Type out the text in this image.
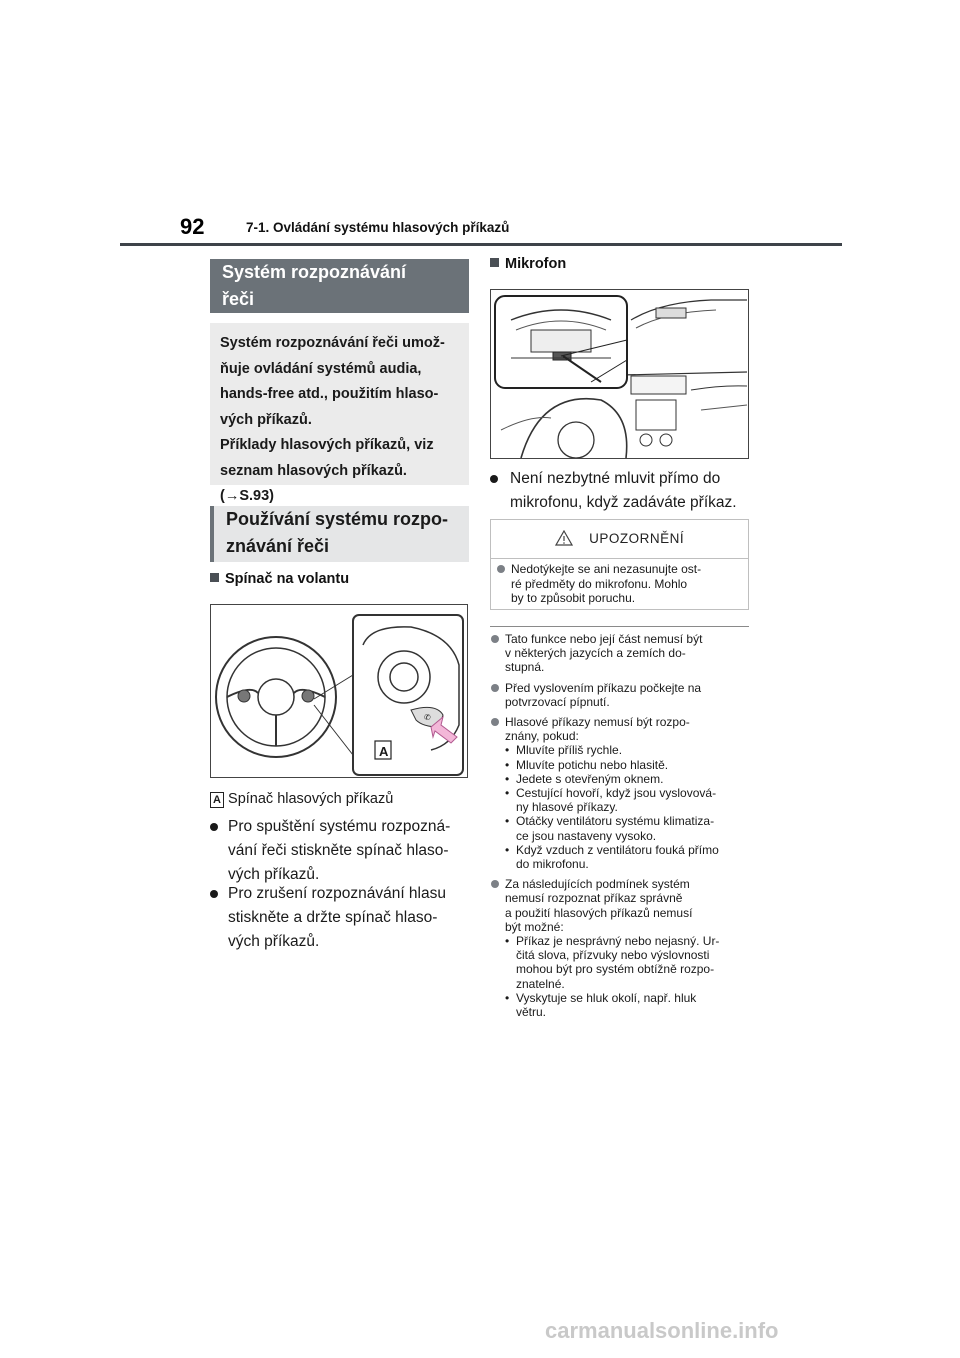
92	7-1. Ovládání systému hlasových příkazů
Systém rozpoznávání
řeči
Systém rozpoznávání řeči umož-
ňuje ovládání systémů audia,
hands-free atd., použitím hlaso-
vých příkazů.
Příklady hlasových příkazů, viz
seznam hlasových příkazů.
(→S.93)
Používání systému rozpo-
znávání řeči
Spínač na volantu
✆
A
A Spínač hlasových příkazů
Pro spuštění systému rozpozná-
vání řeči stiskněte spínač hlaso-
vých příkazů.
Pro zrušení rozpoznávání hlasu
stiskněte a držte spínač hlaso-
vých příkazů.
Mikrofon
Není nezbytné mluvit přímo do
mikrofonu, když zadáváte příkaz.
UPOZORNĚNÍ
Nedotýkejte se ani nezasunujte ost-
ré předměty do mikrofonu. Mohlo
by to způsobit poruchu.
Tato funkce nebo její část nemusí být
v některých jazycích a zemích do-
stupná.
Před vyslovením příkazu počkejte na
potvrzovací pípnutí.
Hlasové příkazy nemusí být rozpo-
znány, pokud:
• Mluvíte příliš rychle.
• Mluvíte potichu nebo hlasitě.
• Jedete s otevřeným oknem.
• Cestující hovoří, když jsou vyslovová-
ny hlasové příkazy.
• Otáčky ventilátoru systému klimatiza-
ce jsou nastaveny vysoko.
• Když vzduch z ventilátoru fouká přímo
do mikrofonu.
Za následujících podmínek systém
nemusí rozpoznat příkaz správně
a použití hlasových příkazů nemusí
být možné:
• Příkaz je nesprávný nebo nejasný. Ur-
čitá slova, přízvuky nebo výslovnosti
mohou být pro systém obtížně rozpo-
znatelné.
• Vyskytuje se hluk okolí, např. hluk
větru.
carmanualsonline.info
